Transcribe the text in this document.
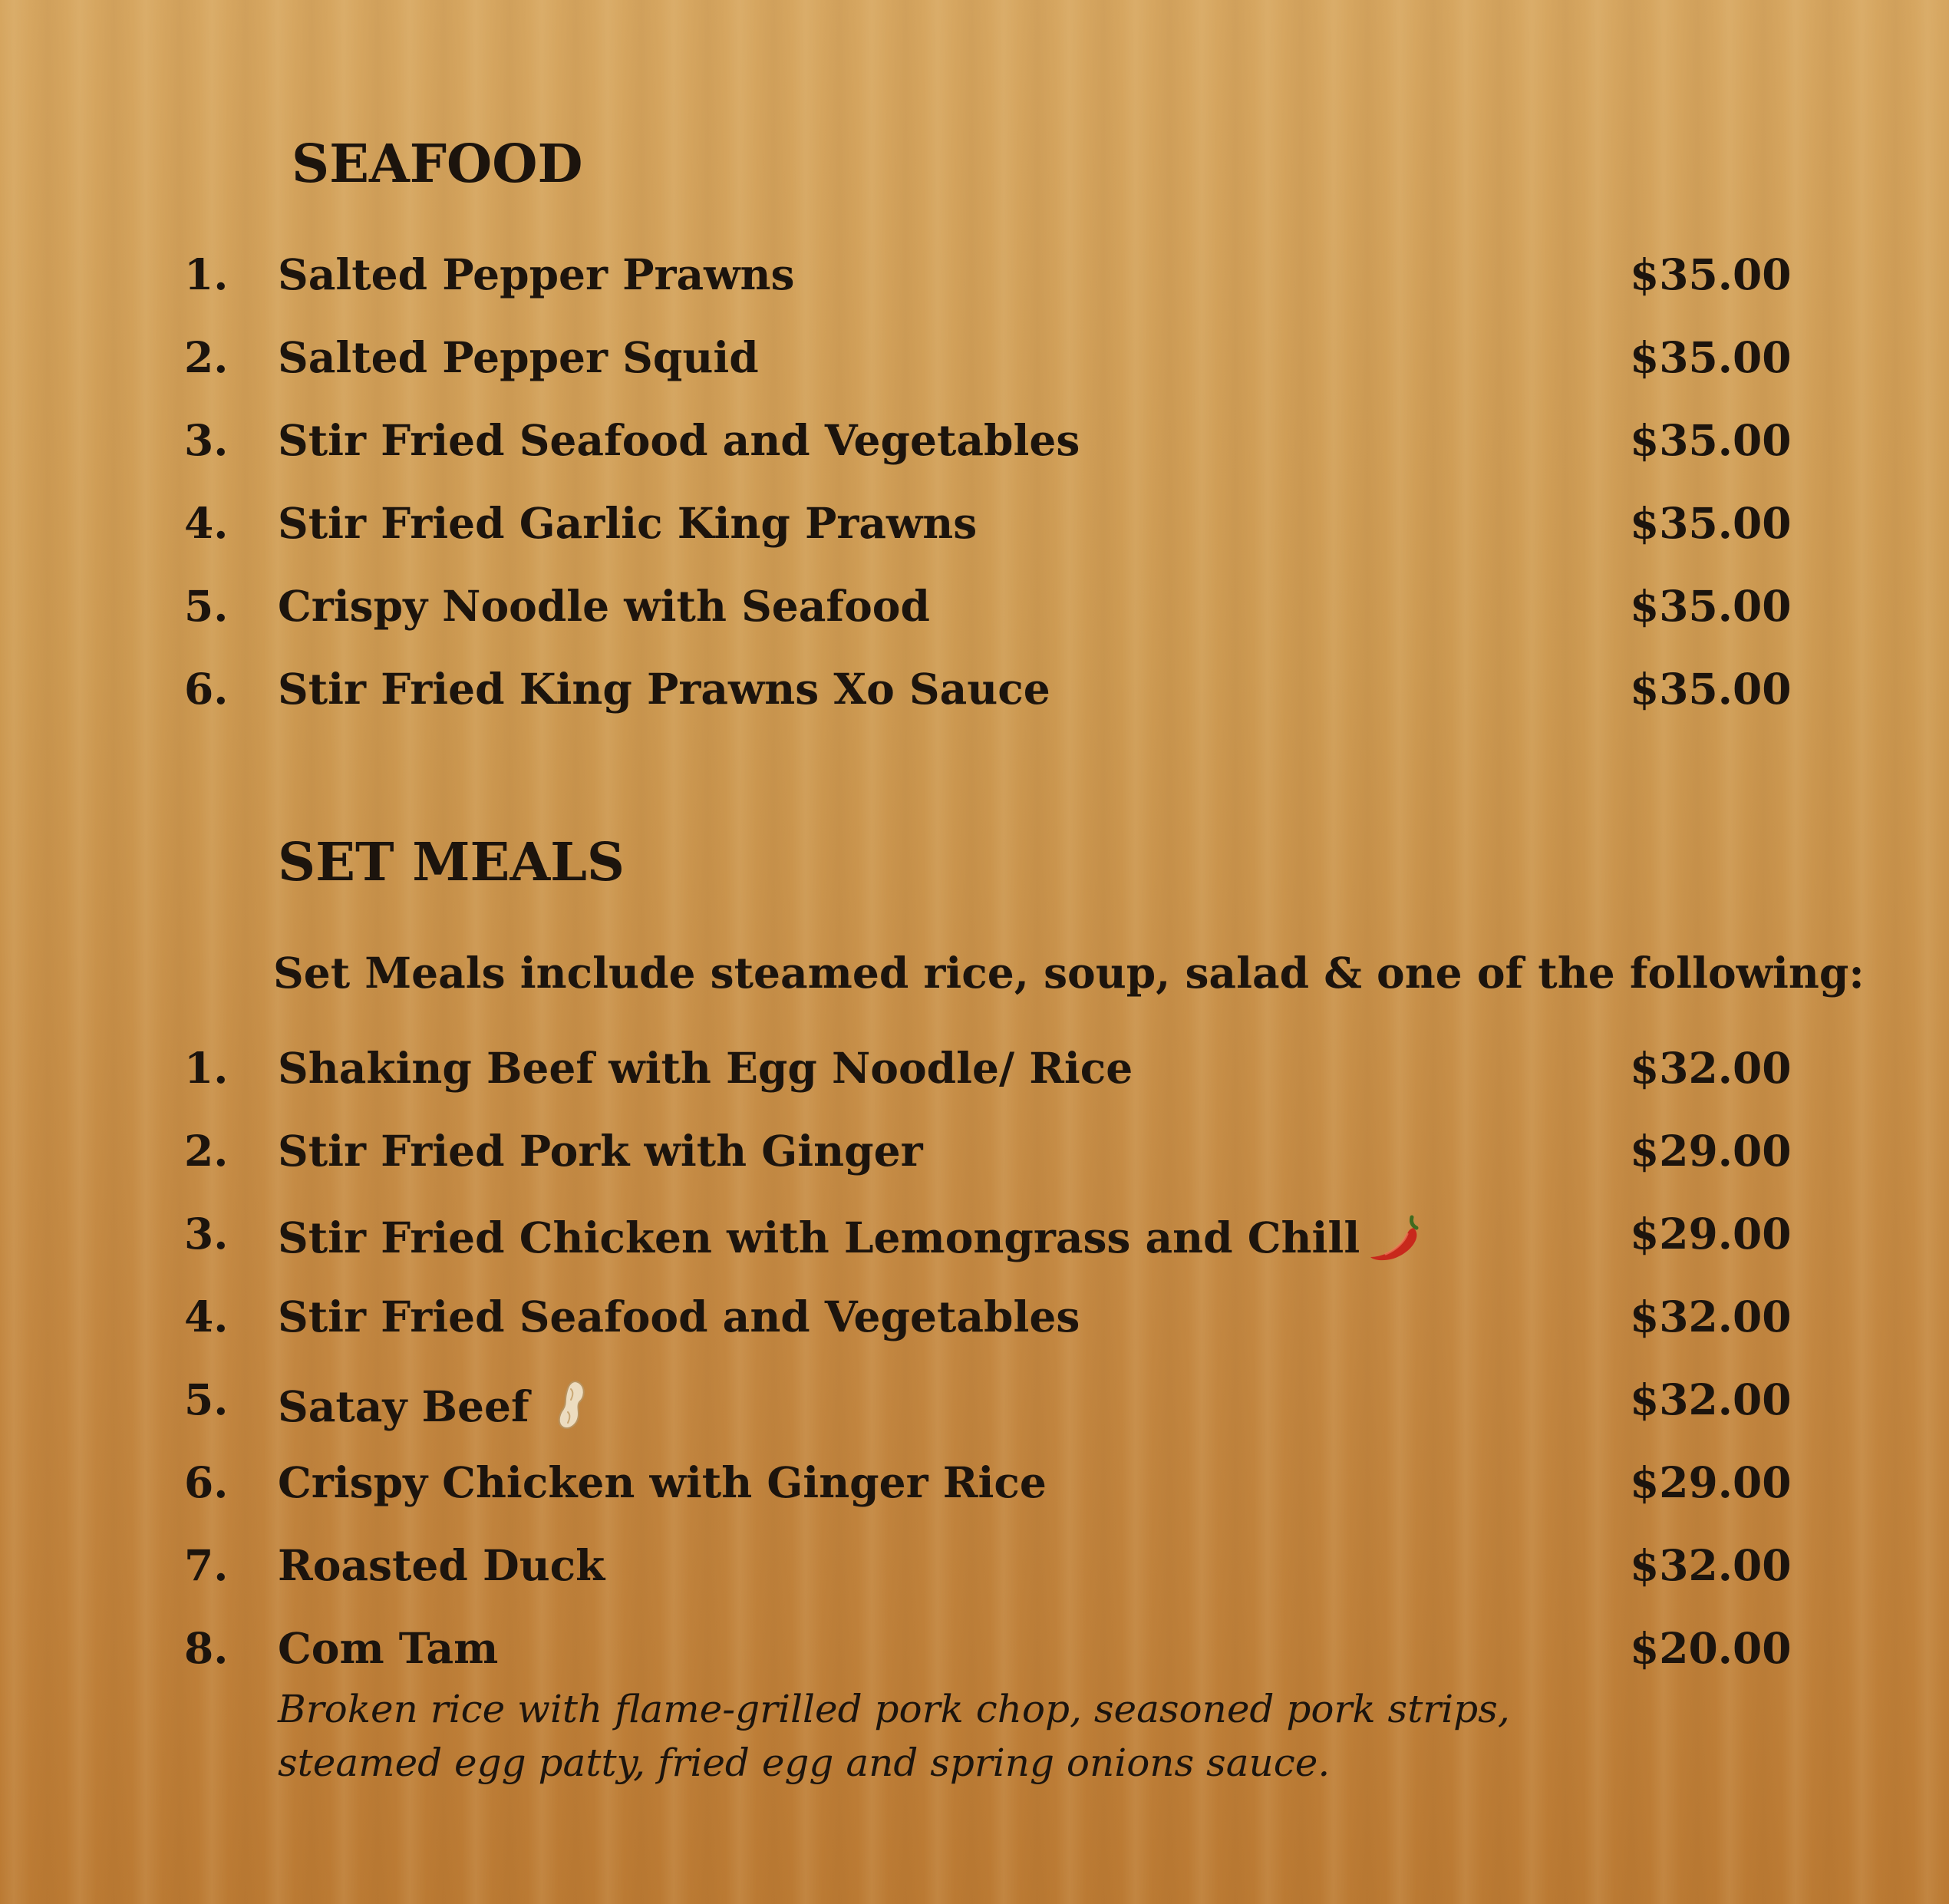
SEAFOOD
1. Salted Pepper Prawns	$35.00
2. Salted Pepper Squid	$35.00
3. Stir Fried Seafood and Vegetables	$35.00
4. Stir Fried Garlic King Prawns	$35.00
5. Crispy Noodle with Seafood	$35.00
6. Stir Fried King Prawns Xo Sauce	$35.00
SET MEALS

Set Meals include steamed rice, soup, salad & one of the following:

1. Shaking Beef with Egg Noodle/ Rice	$32.00
2. Stir Fried Pork with Ginger	$29.00
3. Stir Fried Chicken with Lemongrass and Chill	$29.00
4. Stir Fried Seafood and Vegetables	$32.00
5. Satay Beef	$32.00
6. Crispy Chicken with Ginger Rice	$29.00
7. Roasted Duck	$32.00
8. Com Tam	$20.00
Broken rice with flame-grilled pork chop, seasoned pork strips, steamed egg patty, fried egg and spring onions sauce.
